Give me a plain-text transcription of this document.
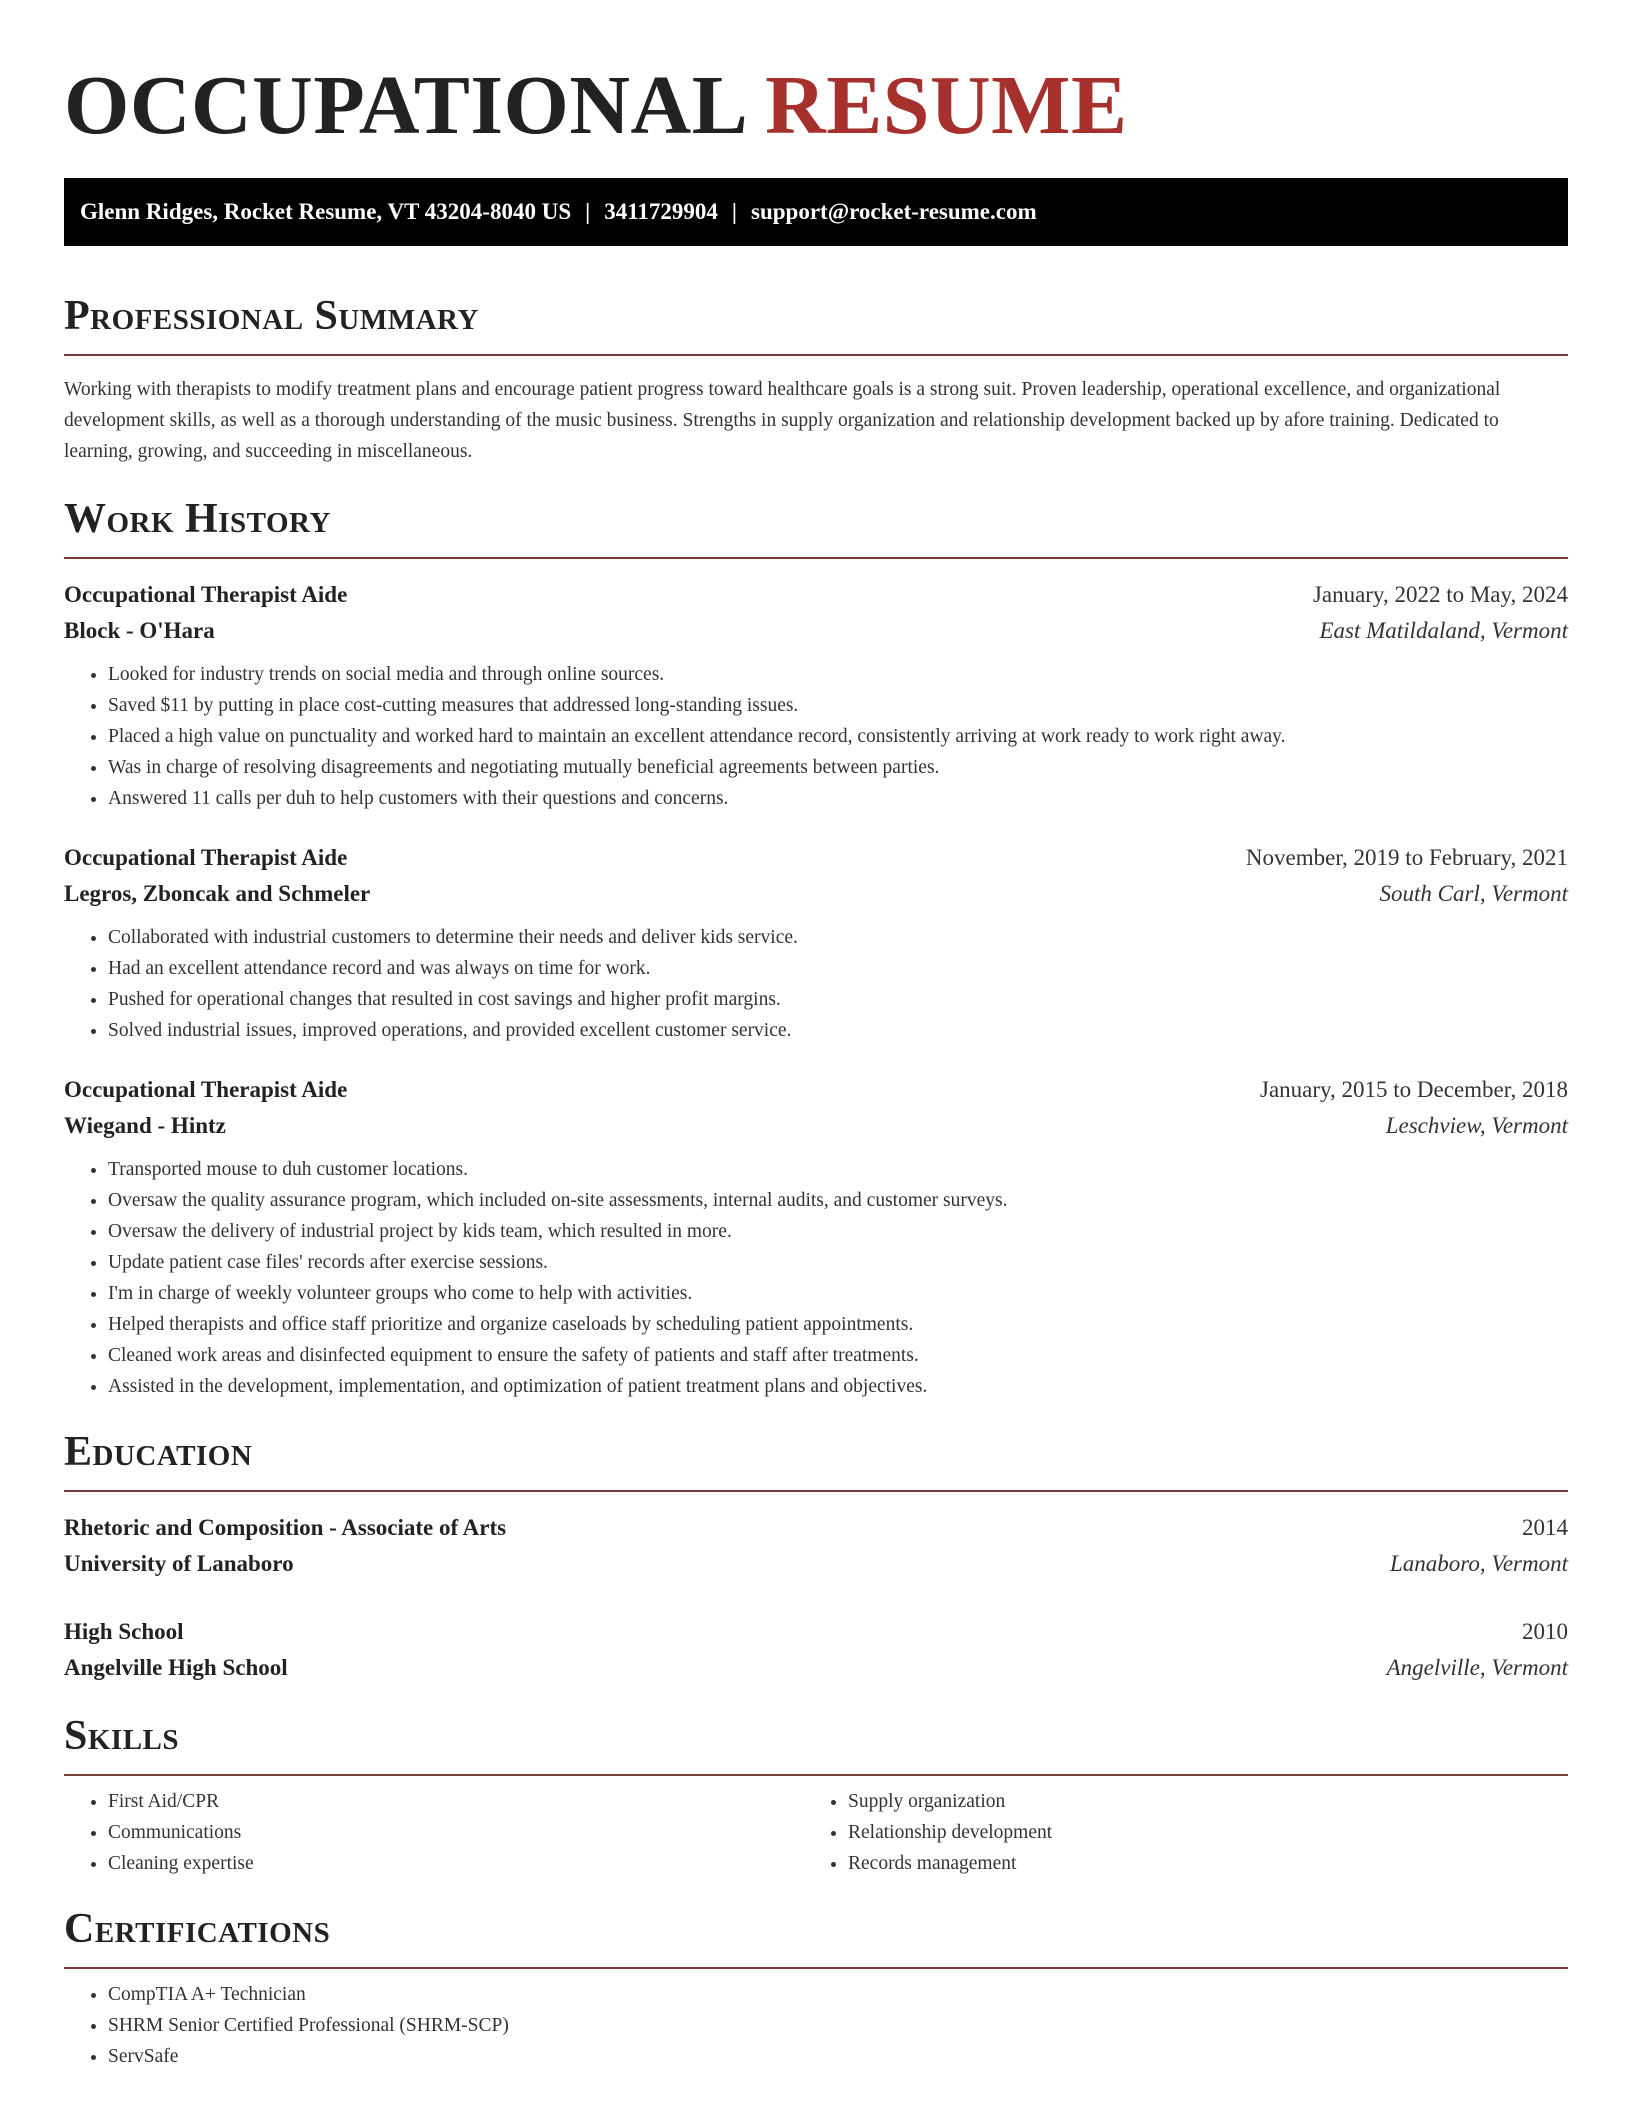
OCCUPATIONAL RESUME
Glenn Ridges, Rocket Resume, VT 43204-8040 US | 3411729904 | support@rocket-resume.com
Professional Summary

Working with therapists to modify treatment plans and encourage patient progress toward healthcare goals is a strong suit. Proven leadership, operational excellence, and organizational development skills, as well as a thorough understanding of the music business. Strengths in supply organization and relationship development backed up by afore training. Dedicated to learning, growing, and succeeding in miscellaneous.

Work History
Occupational Therapist Aide	January, 2022 to May, 2024
Block - O'Hara	East Matildaland, Vermont
• Looked for industry trends on social media and through online sources.
• Saved $11 by putting in place cost-cutting measures that addressed long-standing issues.
• Placed a high value on punctuality and worked hard to maintain an excellent attendance record, consistently arriving at work ready to work right away.
• Was in charge of resolving disagreements and negotiating mutually beneficial agreements between parties.
• Answered 11 calls per duh to help customers with their questions and concerns.
Occupational Therapist Aide	November, 2019 to February, 2021
Legros, Zboncak and Schmeler	South Carl, Vermont
• Collaborated with industrial customers to determine their needs and deliver kids service.
• Had an excellent attendance record and was always on time for work.
• Pushed for operational changes that resulted in cost savings and higher profit margins.
• Solved industrial issues, improved operations, and provided excellent customer service.
Occupational Therapist Aide	January, 2015 to December, 2018
Wiegand - Hintz	Leschview, Vermont
• Transported mouse to duh customer locations.
• Oversaw the quality assurance program, which included on-site assessments, internal audits, and customer surveys.
• Oversaw the delivery of industrial project by kids team, which resulted in more.
• Update patient case files' records after exercise sessions.
• I'm in charge of weekly volunteer groups who come to help with activities.
• Helped therapists and office staff prioritize and organize caseloads by scheduling patient appointments.
• Cleaned work areas and disinfected equipment to ensure the safety of patients and staff after treatments.
• Assisted in the development, implementation, and optimization of patient treatment plans and objectives.
Education
Rhetoric and Composition - Associate of Arts	2014
University of Lanaboro	Lanaboro, Vermont
High School	2010
Angelville High School	Angelville, Vermont
Skills
• First Aid/CPR
• Communications
• Cleaning expertise
• Supply organization
• Relationship development
• Records management
Certifications
• CompTIA A+ Technician
• SHRM Senior Certified Professional (SHRM-SCP)
• ServSafe
